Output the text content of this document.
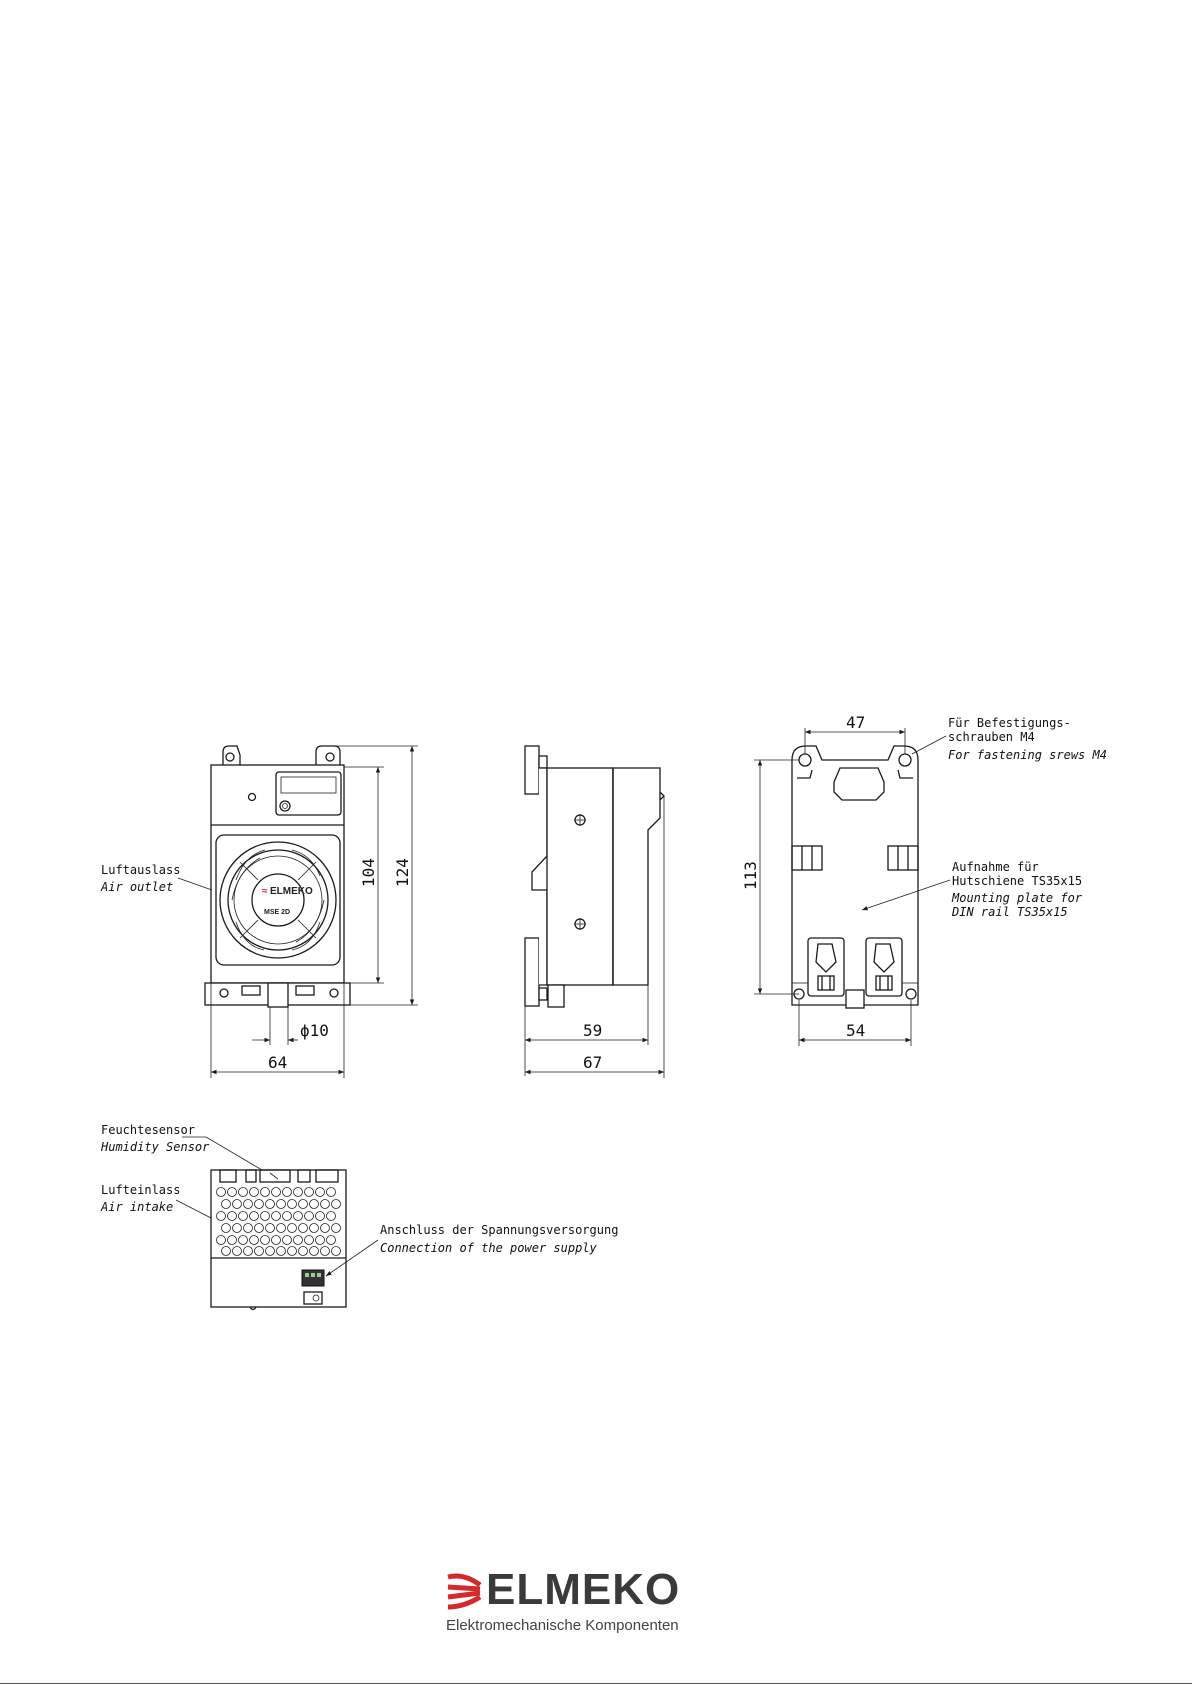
≈ ELMEKO
MSE 2D
124
104
ϕ10
64
Luftauslass
Air outlet
59
67
47
113
54
Für Befestigungs-
schrauben M4
For fastening srews M4
Aufnahme für
Hutschiene TS35x15
Mounting plate for
DIN rail TS35x15
Feuchtesensor
Humidity Sensor
Lufteinlass
Air intake
Anschluss der Spannungsversorgung
Connection of the power supply
ELMEKO
Elektromechanische Komponenten
